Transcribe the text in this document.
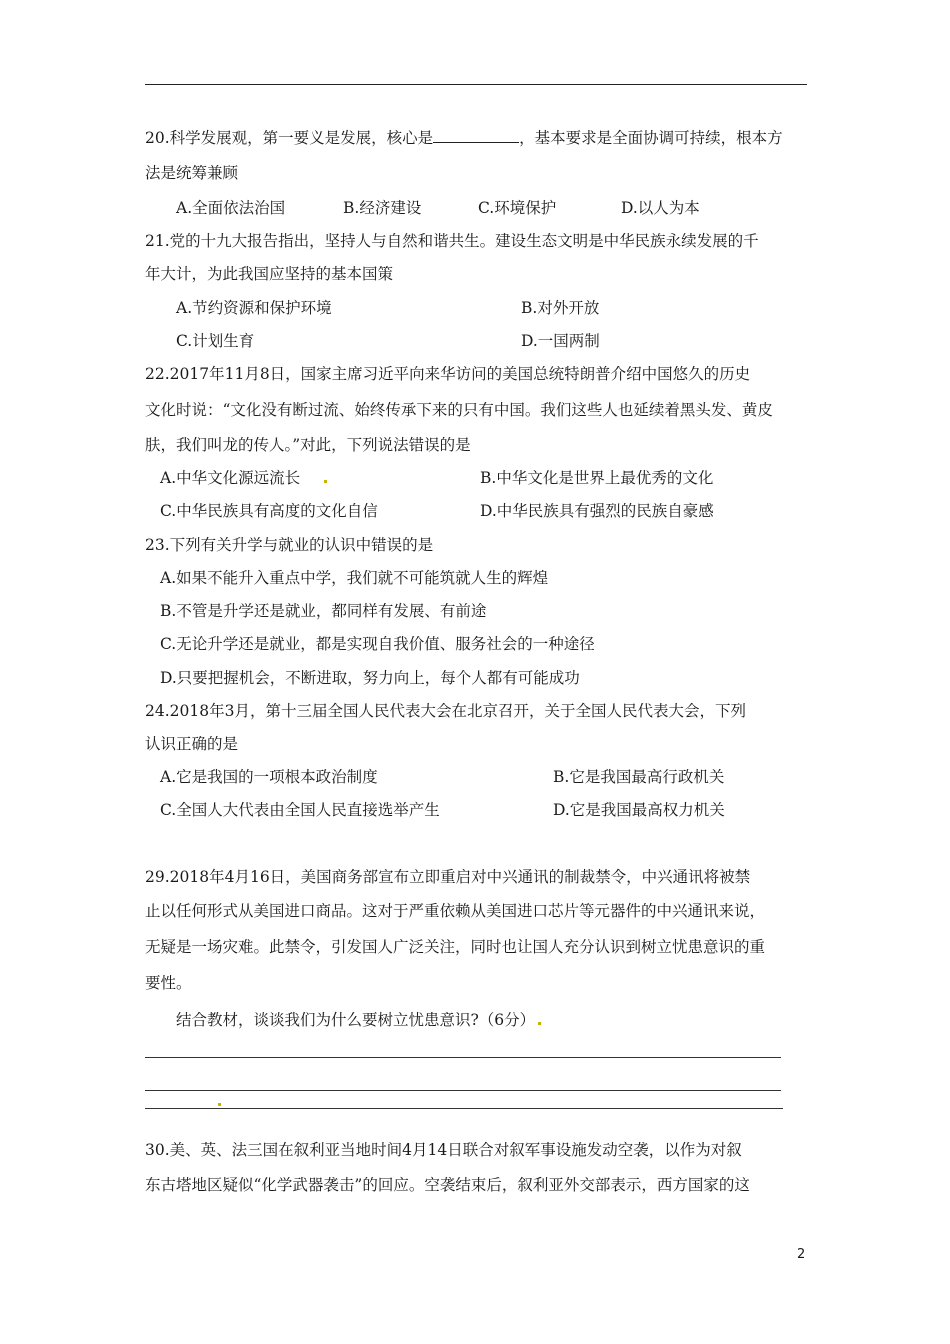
20.科学发展观，第一要义是发展，核心是	，基本要求是全面协调可持续，根本方
法是统筹兼顾
A.全面依法治国	B.经济建设	C.环境保护	D.以人为本
21.党的十九大报告指出，坚持人与自然和谐共生。建设生态文明是中华民族永续发展的千
年大计，为此我国应坚持的基本国策
A.节约资源和保护环境	B.对外开放
C.计划生育	D.一国两制
22.2017年11月8日，国家主席习近平向来华访问的美国总统特朗普介绍中国悠久的历史
文化时说：“文化没有断过流、始终传承下来的只有中国。我们这些人也延续着黑头发、黄皮
肤，我们叫龙的传人。”对此，下列说法错误的是
A.中华文化源远流长	B.中华文化是世界上最优秀的文化
C.中华民族具有高度的文化自信	D.中华民族具有强烈的民族自豪感
23.下列有关升学与就业的认识中错误的是
A.如果不能升入重点中学，我们就不可能筑就人生的辉煌
B.不管是升学还是就业，都同样有发展、有前途
C.无论升学还是就业，都是实现自我价值、服务社会的一种途径
D.只要把握机会，不断进取，努力向上，每个人都有可能成功
24.2018年3月，第十三届全国人民代表大会在北京召开，关于全国人民代表大会，下列
认识正确的是
A.它是我国的一项根本政治制度	B.它是我国最高行政机关
C.全国人大代表由全国人民直接选举产生	D.它是我国最高权力机关
29.2018年4月16日，美国商务部宣布立即重启对中兴通讯的制裁禁令，中兴通讯将被禁
止以任何形式从美国进口商品。这对于严重依赖从美国进口芯片等元器件的中兴通讯来说，
无疑是一场灾难。此禁令，引发国人广泛关注，同时也让国人充分认识到树立忧患意识的重
要性。
结合教材，谈谈我们为什么要树立忧患意识?（6分）
30.美、英、法三国在叙利亚当地时间4月14日联合对叙军事设施发动空袭，以作为对叙
东古塔地区疑似“化学武器袭击”的回应。空袭结束后，叙利亚外交部表示，西方国家的这
2
